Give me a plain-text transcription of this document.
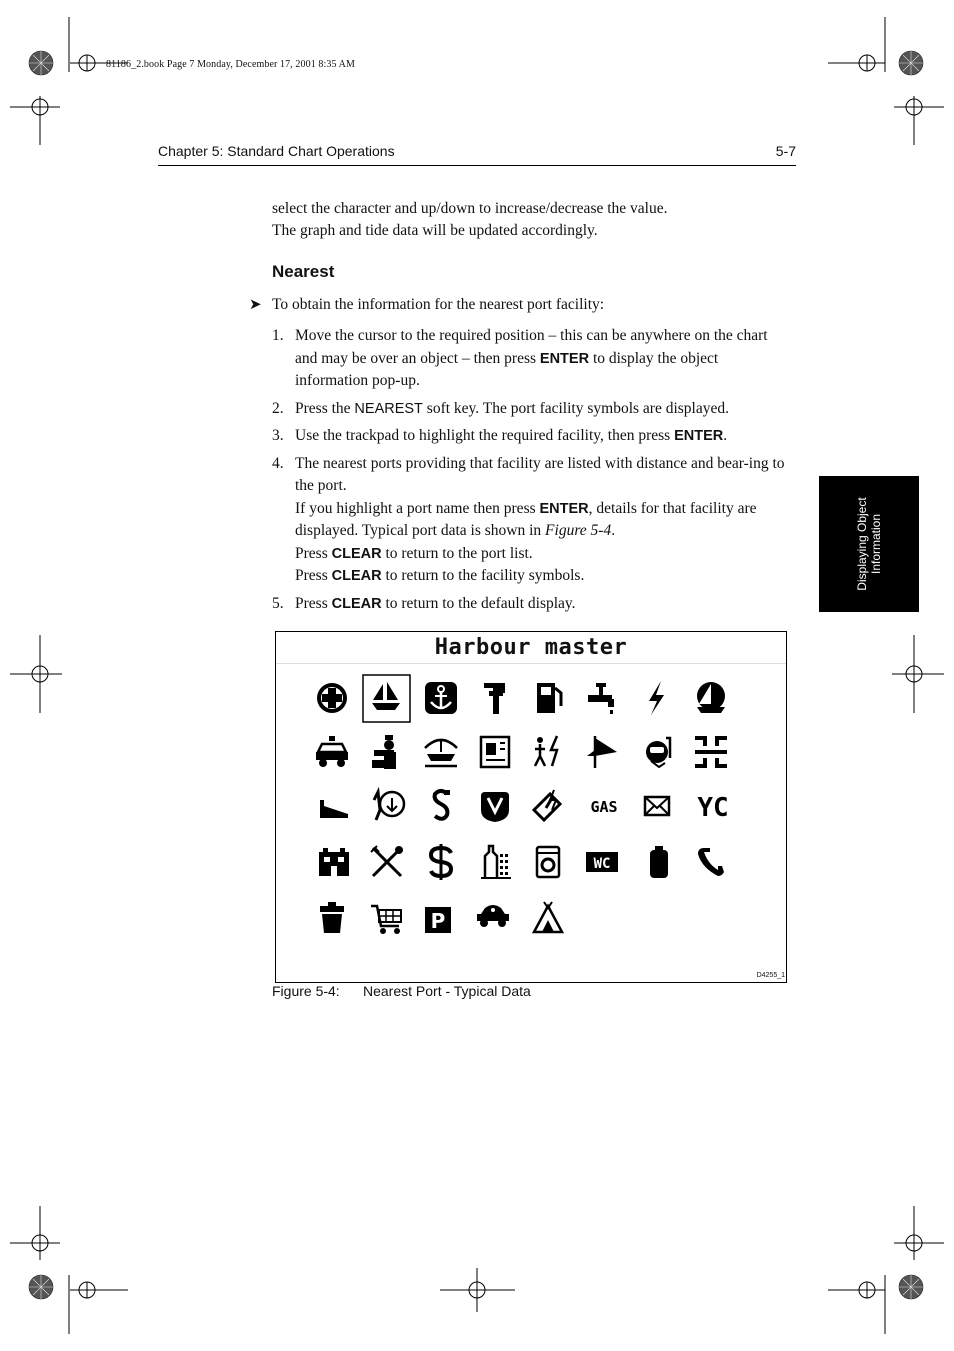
81186_2.book Page 7 Monday, December 17, 2001 8:35 AM
Chapter 5: Standard Chart Operations	5-7
Displaying Object Information

select the character and up/down to increase/decrease the value.

The graph and tide data will be updated accordingly.

Nearest
➤ To obtain the information for the nearest port facility:
1. Move the cursor to the required position – this can be anywhere on the chart and may be over an object – then press ENTER to display the object information pop-up.
2. Press the NEAREST soft key. The port facility symbols are displayed.
3. Use the trackpad to highlight the required facility, then press ENTER.
4. The nearest ports providing that facility are listed with distance and bear-ing to the port.
If you highlight a port name then press ENTER, details for that facility are displayed. Typical port data is shown in Figure 5-4.
Press CLEAR to return to the port list.
Press CLEAR to return to the facility symbols.
5. Press CLEAR to return to the default display.
Harbour master
GAS	YC
WC
P
D4255_1
Figure 5-4: Nearest Port - Typical Data
